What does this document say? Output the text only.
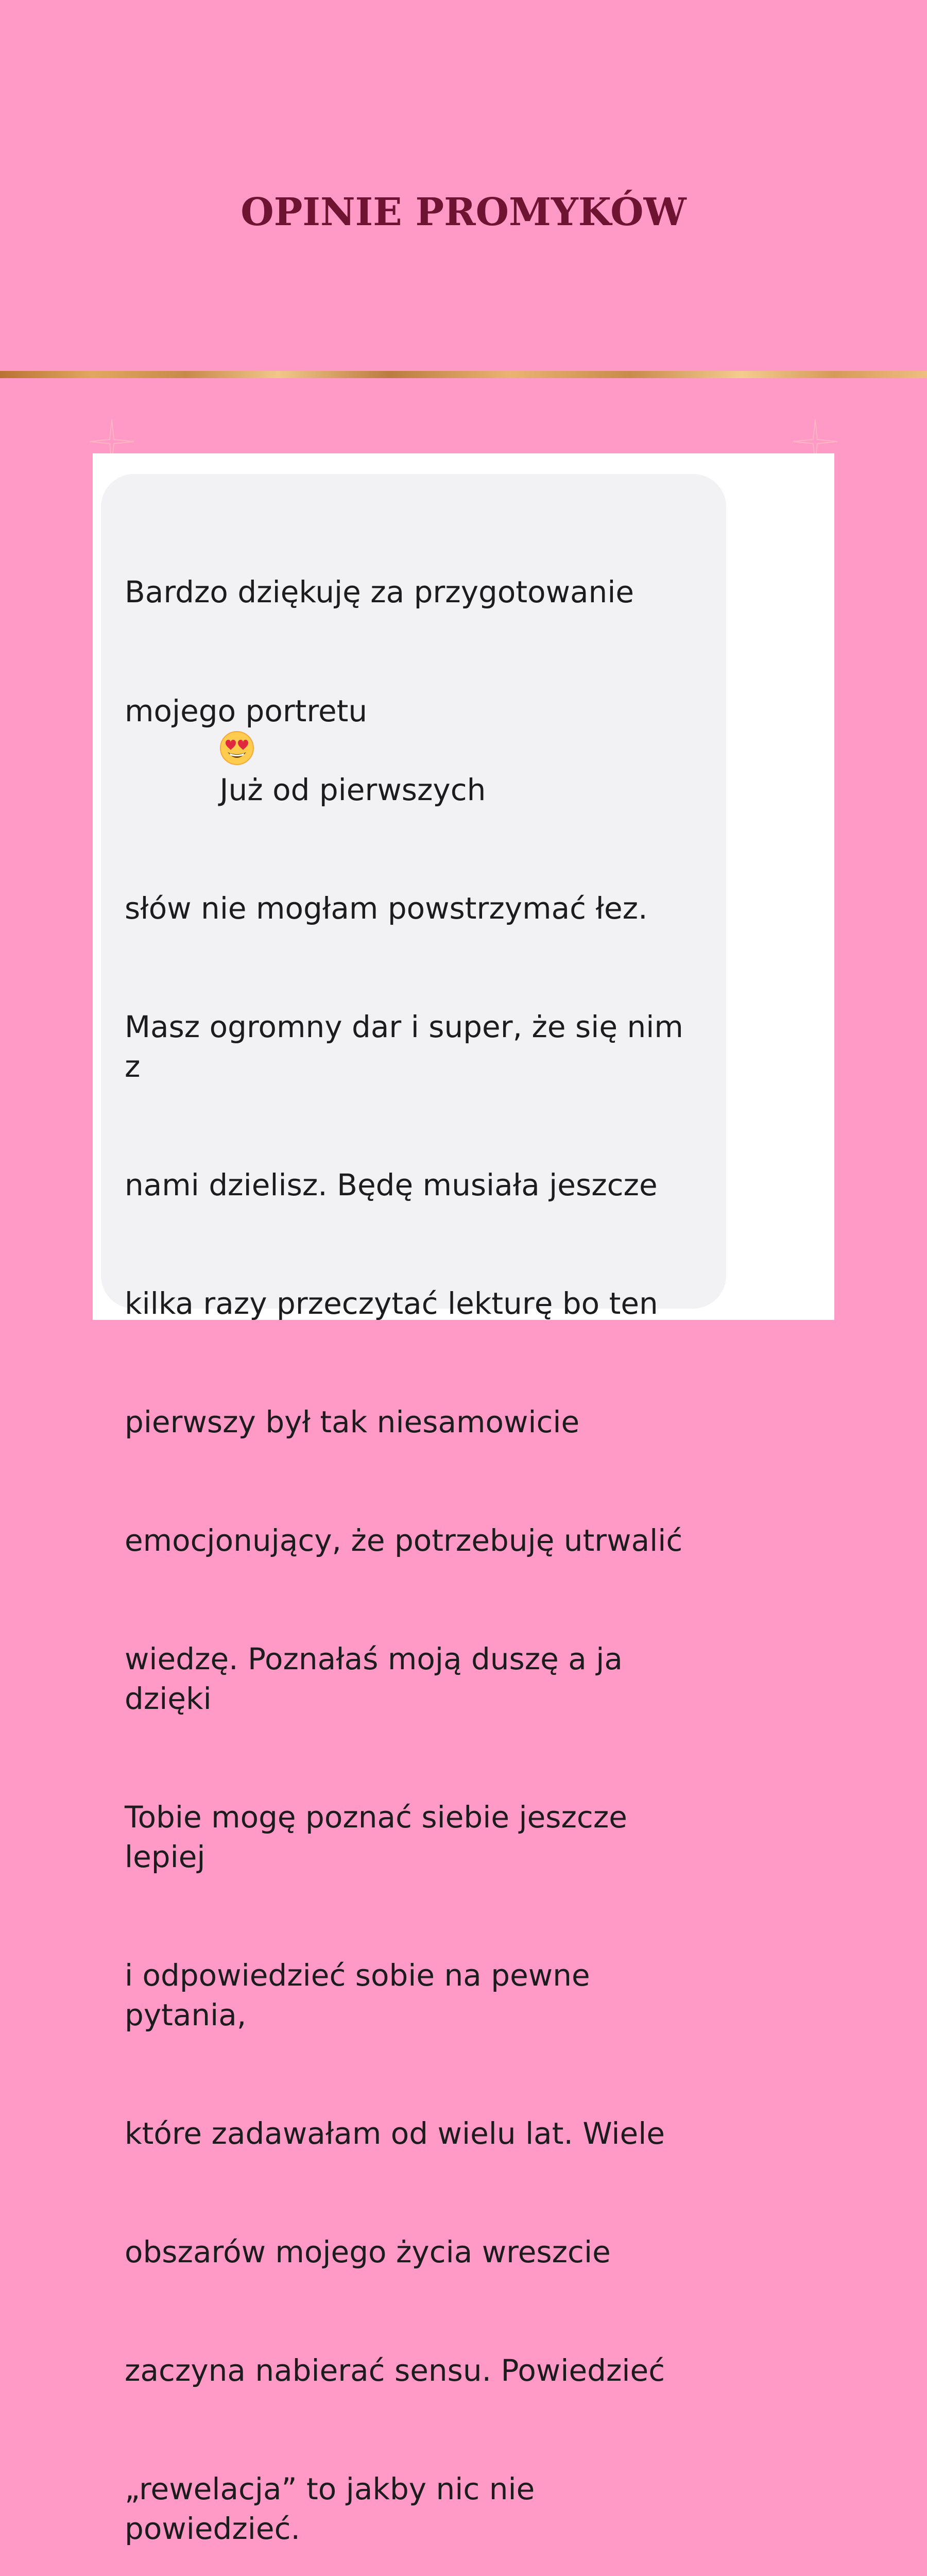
OPINIE PROMYKÓW

Bardzo dziękuję za przygotowanie

mojego portretu

Już od pierwszych

słów nie mogłam powstrzymać łez.

Masz ogromny dar i super, że się nim z

nami dzielisz. Będę musiała jeszcze

kilka razy przeczytać lekturę bo ten

pierwszy był tak niesamowicie

emocjonujący, że potrzebuję utrwalić

wiedzę. Poznałaś moją duszę a ja dzięki

Tobie mogę poznać siebie jeszcze lepiej

i odpowiedzieć sobie na pewne pytania,

które zadawałam od wielu lat. Wiele

obszarów mojego życia wreszcie

zaczyna nabierać sensu. Powiedzieć

„rewelacja” to jakby nic nie powiedzieć.
